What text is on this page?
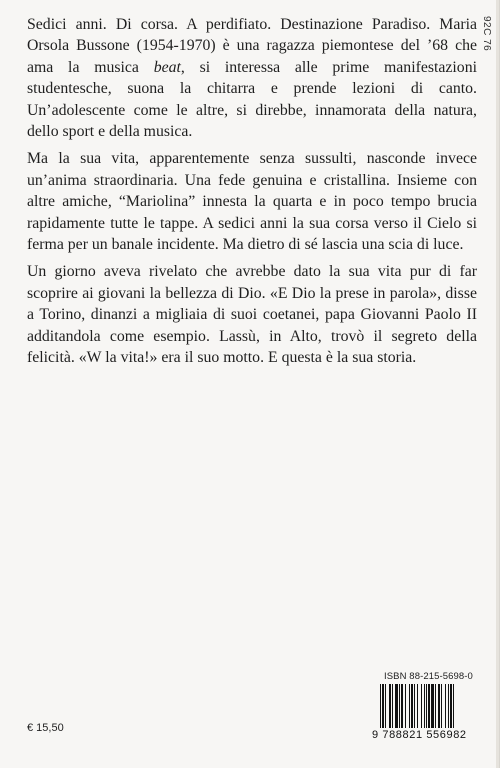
92C 76

Sedici anni. Di corsa. A perdifiato. Destinazione Paradiso. Maria Orsola Bussone (1954-1970) è una ragazza piemontese del ’68 che ama la musica beat, si interessa alle prime manifestazioni studentesche, suona la chitarra e prende lezioni di canto. Un’adolescente come le altre, si direbbe, innamorata della natura, dello sport e della musica.

Ma la sua vita, apparentemente senza sussulti, nasconde invece un’anima straordinaria. Una fede genuina e cristallina. Insieme con altre amiche, “Mariolina” innesta la quarta e in poco tempo brucia rapidamente tutte le tappe. A sedici anni la sua corsa verso il Cielo si ferma per un banale incidente. Ma dietro di sé lascia una scia di luce.

Un giorno aveva rivelato che avrebbe dato la sua vita pur di far scoprire ai giovani la bellezza di Dio. «E Dio la prese in parola», disse a Torino, dinanzi a migliaia di suoi coetanei, papa Giovanni Paolo II additandola come esempio. Lassù, in Alto, trovò il segreto della felicità. «W la vita!» era il suo motto. E questa è la sua storia.

ISBN 88-215-5698-0
9 788821 556982
€ 15,50
